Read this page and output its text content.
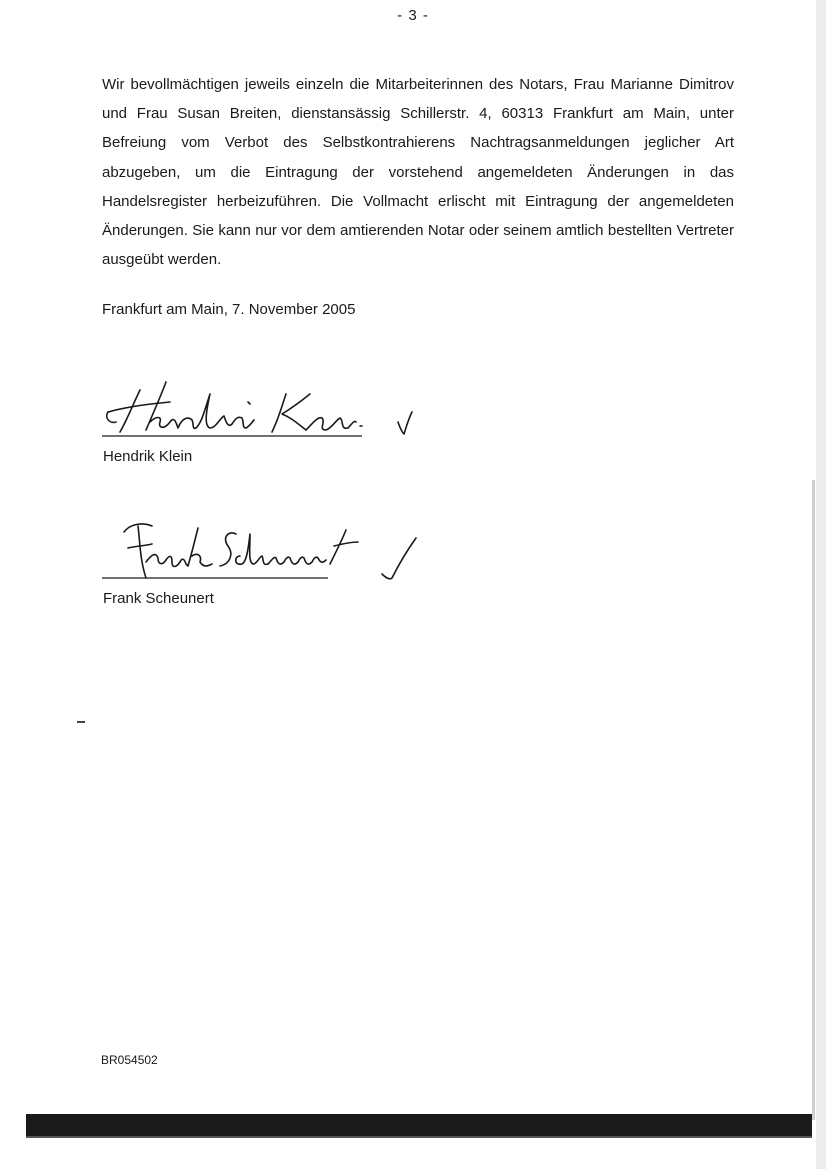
- 3 -

Wir bevollmächtigen jeweils einzeln die Mitarbeiterinnen des Notars, Frau Marianne Dimitrov und Frau Susan Breiten, dienstansässig Schillerstr. 4, 60313 Frankfurt am Main, unter Befreiung vom Verbot des Selbstkontrahierens Nachtragsanmeldungen jeglicher Art abzugeben, um die Eintragung der vorstehend angemeldeten Änderungen in das Handelsregister herbeizuführen. Die Vollmacht erlischt mit Eintragung der angemeldeten Änderungen. Sie kann nur vor dem amtierenden Notar oder seinem amtlich bestellten Vertreter ausgeübt werden.

Frankfurt am Main, 7. November 2005
Hendrik Klein
Frank Scheunert
BR054502
